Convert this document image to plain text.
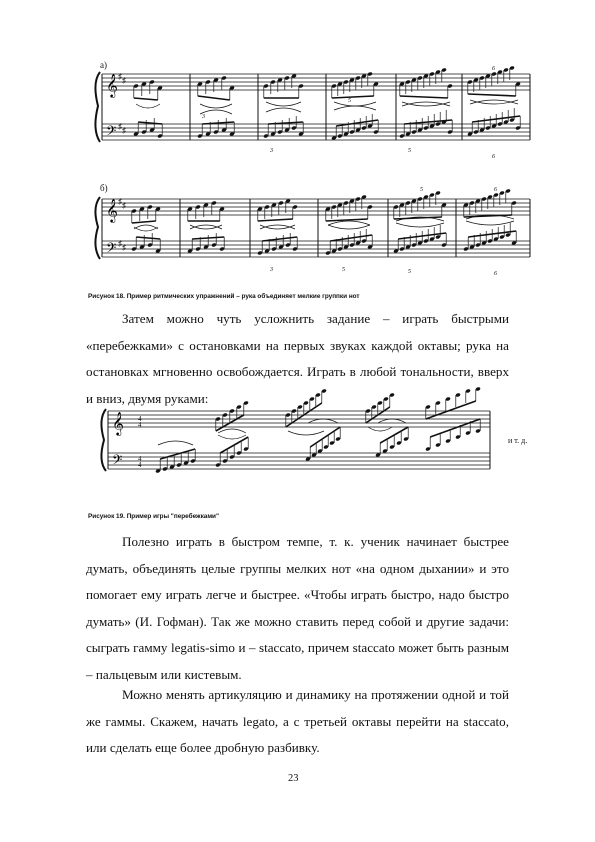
a)
𝄞
𝄢
♯ ♯
♯ ♯
3
3
5
5
6
6
б)
𝄞
𝄢
♯ ♯
♯ ♯
5
5
3	5
6
6
Рисунок 18. Пример ритмических упражнений – рука объединяет мелкие группки нот

Затем можно чуть усложнить задание – играть быстрыми «перебежками» с остановками на первых звуках каждой октавы; рука на остановках мгновенно освобождается. Играть в любой тональности, вверх и вниз, двумя руками:

𝄞
𝄢
4
4
4
4
и т. д.
Рисунок 19. Пример игры "перебежками"

Полезно играть в быстром темпе, т. к. ученик начинает быстрее думать, объединять целые группы мелких нот «на одном дыхании» и это помогает ему играть легче и быстрее. «Чтобы играть быстро, надо быстро думать» (И. Гофман). Так же можно ставить перед собой и другие задачи: сыграть гамму legatis-simo и – staccato, причем staccato может быть разным – пальцевым или кистевым.

Можно менять артикуляцию и динамику на протяжении одной и той же гаммы. Скажем, начать legato, а с третьей октавы перейти на staccato, или сделать еще более дробную разбивку.

23
